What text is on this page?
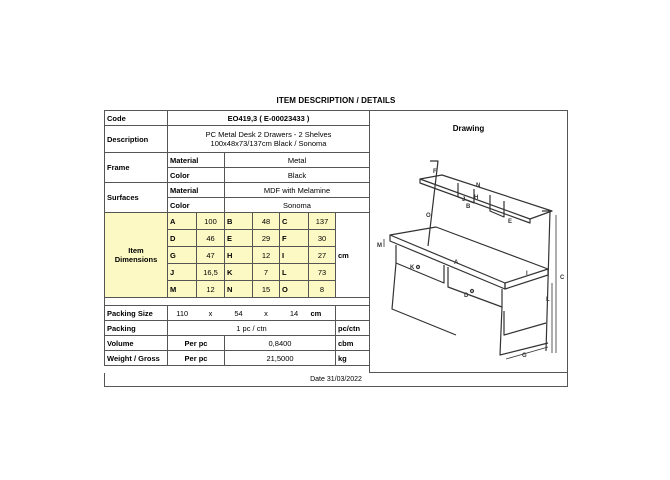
ITEM DESCRIPTION / DETAILS
Code	EO419,3 ( E-00023433 )						
Description	PC Metal Desk 2 Drawers - 2 Shelves
100x48x73/137cm Black / Sonoma						

Frame	Material		Metal				
	Color		Black				
Surfaces	Material		MDF with Melamine				
	Color		Sonoma				

Item
Dimensions	A	100	B	48	C	137	cm
	D	46	E	29	F	30	
	G	47	H	12	I	27	
	J	16,5	K	7	L	73	
	M	12	N	15	O	8	

Packing Size	110	x	54	x	14	cm	
Packing	1 pc / ctn						pc/ctn
Volume	Per pc		0,8400				cbm
Weight / Gross	Per pc		21,5000				kg
Drawing
F
N
H
J
B
E
O
M
A
K
I
C
D
L
G
Date 31/03/2022
